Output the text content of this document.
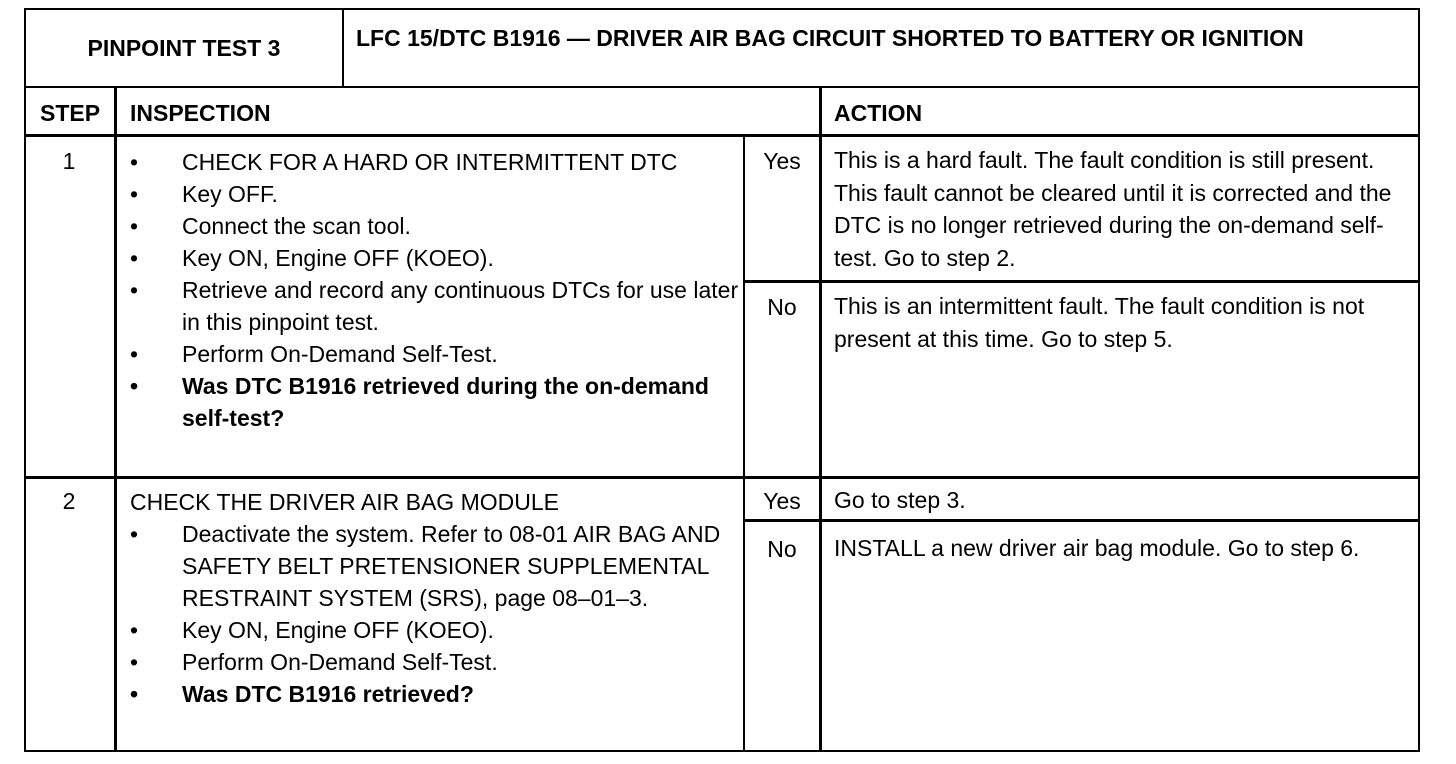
PINPOINT TEST 3	LFC 15/DTC B1916 — DRIVER AIR BAG CIRCUIT SHORTED TO BATTERY OR IGNITION
STEP INSPECTION	ACTION
1	• CHECK FOR A HARD OR INTERMITTENT DTC
• Key OFF.
• Connect the scan tool.
• Key ON, Engine OFF (KOEO).
• Retrieve and record any continuous DTCs for use later in this pinpoint test.
• Perform On-Demand Self-Test.
• Was DTC B1916 retrieved during the on-demand self-test?
Yes	This is a hard fault. The fault condition is still present. This fault cannot be cleared until it is corrected and the DTC is no longer retrieved during the on-demand self-test. Go to step 2.
No	This is an intermittent fault. The fault condition is not present at this time. Go to step 5.
2	CHECK THE DRIVER AIR BAG MODULE
• Deactivate the system. Refer to 08-01 AIR BAG AND SAFETY BELT PRETENSIONER SUPPLEMENTAL RESTRAINT SYSTEM (SRS), page 08–01–3.
• Key ON, Engine OFF (KOEO).
• Perform On-Demand Self-Test.
• Was DTC B1916 retrieved?
Yes	Go to step 3.
No	INSTALL a new driver air bag module. Go to step 6.
